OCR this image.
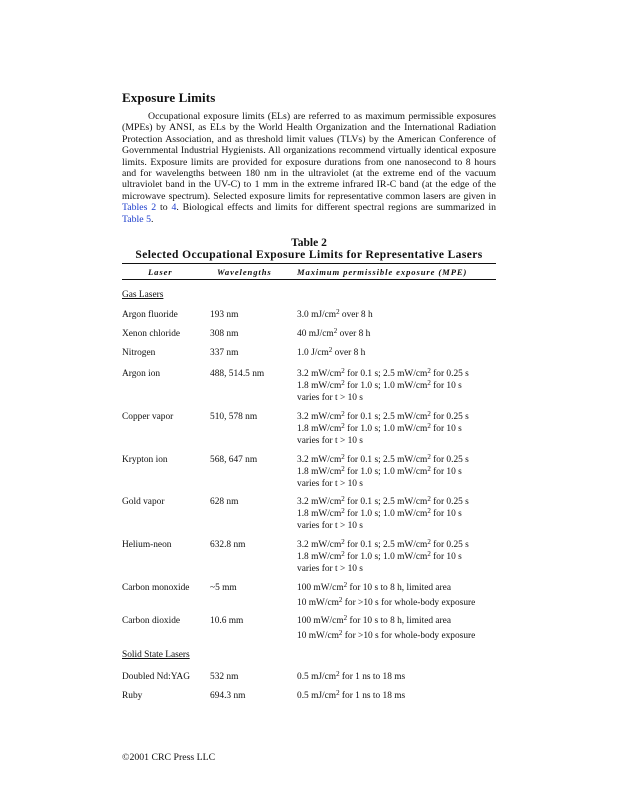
Exposure Limits

Occupational exposure limits (ELs) are referred to as maximum permissible exposures (MPEs) by ANSI, as ELs by the World Health Organization and the International Radiation Protection Association, and as threshold limit values (TLVs) by the American Conference of Governmental Industrial Hygienists. All organizations recommend virtually identical exposure limits. Exposure limits are provided for exposure durations from one nanosecond to 8 hours and for wavelengths between 180 nm in the ultraviolet (at the extreme end of the vacuum ultraviolet band in the UV-C) to 1 mm in the extreme infrared IR-C band (at the edge of the microwave spectrum). Selected exposure limits for representative common lasers are given in Tables 2 to 4. Biological effects and limits for different spectral regions are summarized in Table 5.

Table 2
Selected Occupational Exposure Limits for Representative Lasers
Laser	Wavelengths	Maximum permissible exposure (MPE)
Gas Lasers
Argon fluoride	193 nm	3.0 $mJ/cm^2$ over 8 h
Xenon chloride	308 nm	40 $mJ/cm^2$ over 8 h
Nitrogen	337 nm	1.0 $J/cm^2$ over 8 h
Argon ion	488, 514.5 nm	3.2 $mW/cm^2$ for 0.1 s; 2.5 $mW/cm^2$ for 0.25 s
1.8 $mW/cm^2$ for 1.0 s; 1.0 $mW/cm^2$ for 10 s
varies for t > 10 s
Copper vapor	510, 578 nm	3.2 $mW/cm^2$ for 0.1 s; 2.5 $mW/cm^2$ for 0.25 s
1.8 $mW/cm^2$ for 1.0 s; 1.0 $mW/cm^2$ for 10 s
varies for t > 10 s
Krypton ion	568, 647 nm	3.2 $mW/cm^2$ for 0.1 s; 2.5 $mW/cm^2$ for 0.25 s
1.8 $mW/cm^2$ for 1.0 s; 1.0 $mW/cm^2$ for 10 s
varies for t > 10 s
Gold vapor	628 nm	3.2 $mW/cm^2$ for 0.1 s; 2.5 $mW/cm^2$ for 0.25 s
1.8 $mW/cm^2$ for 1.0 s; 1.0 $mW/cm^2$ for 10 s
varies for t > 10 s
Helium-neon	632.8 nm	3.2 $mW/cm^2$ for 0.1 s; 2.5 $mW/cm^2$ for 0.25 s
1.8 $mW/cm^2$ for 1.0 s; 1.0 $mW/cm^2$ for 10 s
varies for t > 10 s
Carbon monoxide ~5 mm	100 $mW/cm^2$ for 10 s to 8 h, limited area
10 $mW/cm^2$ for >10 s for whole-body exposure
Carbon dioxide	10.6 mm	100 $mW/cm^2$ for 10 s to 8 h, limited area
10 $mW/cm^2$ for >10 s for whole-body exposure
Solid State Lasers
Doubled Nd:YAG 532 nm	0.5 $mJ/cm^2$ for 1 ns to 18 ms
Ruby	694.3 nm	0.5 $mJ/cm^2$ for 1 ns to 18 ms
©2001 CRC Press LLC
